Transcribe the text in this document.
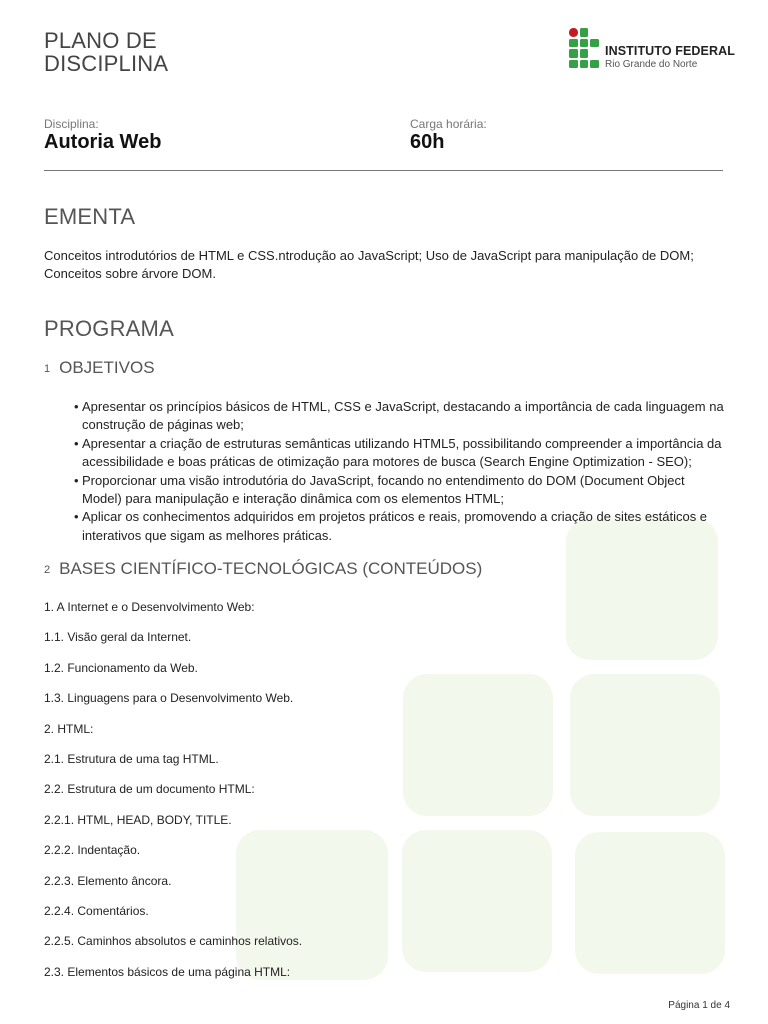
PLANO DE
DISCIPLINA	INSTITUTO FEDERAL
Rio Grande do Norte
Disciplina:
Autoria Web
Carga horária:
60h
EMENTA
Conceitos introdutórios de HTML e CSS.ntrodução ao JavaScript; Uso de JavaScript para manipulação de DOM; Conceitos sobre árvore DOM.
PROGRAMA
1 OBJETIVOS
• Apresentar os princípios básicos de HTML, CSS e JavaScript, destacando a importância de cada linguagem na construção de páginas web;
• Apresentar a criação de estruturas semânticas utilizando HTML5, possibilitando compreender a importância da acessibilidade e boas práticas de otimização para motores de busca (Search Engine Optimization - SEO);
• Proporcionar uma visão introdutória do JavaScript, focando no entendimento do DOM (Document Object Model) para manipulação e interação dinâmica com os elementos HTML;
• Aplicar os conhecimentos adquiridos em projetos práticos e reais, promovendo a criação de sites estáticos e interativos que sigam as melhores práticas.
2 BASES CIENTÍFICO-TECNOLÓGICAS (CONTEÚDOS)
1. A Internet e o Desenvolvimento Web:
1.1. Visão geral da Internet.
1.2. Funcionamento da Web.
1.3. Linguagens para o Desenvolvimento Web.
2. HTML:
2.1. Estrutura de uma tag HTML.
2.2. Estrutura de um documento HTML:
2.2.1. HTML, HEAD, BODY, TITLE.
2.2.2. Indentação.
2.2.3. Elemento âncora.
2.2.4. Comentários.
2.2.5. Caminhos absolutos e caminhos relativos.
2.3. Elementos básicos de uma página HTML:
Página 1 de 4
